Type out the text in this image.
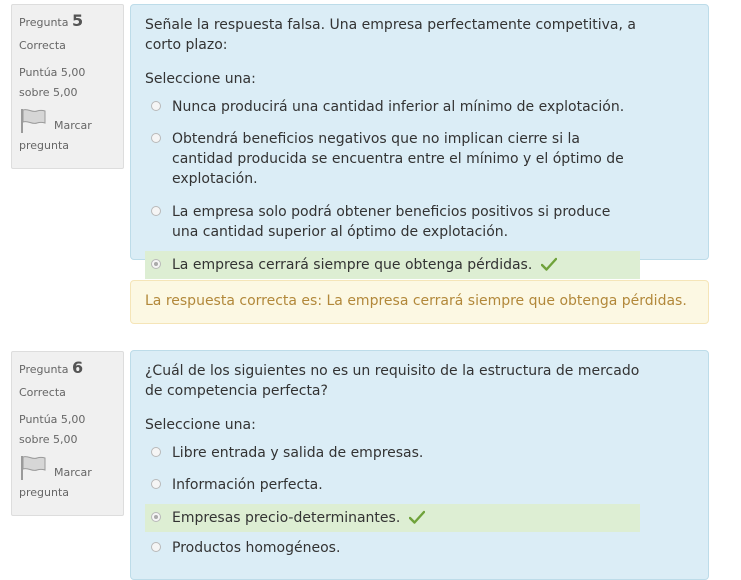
Pregunta 5
Correcta
Puntúa 5,00 sobre 5,00
Marcar
pregunta
Señale la respuesta falsa. Una empresa perfectamente competitiva, a corto plazo:
Seleccione una:
Nunca producirá una cantidad inferior al mínimo de explotación.
Obtendrá beneficios negativos que no implican cierre si la cantidad producida se encuentra entre el mínimo y el óptimo de explotación.
La empresa solo podrá obtener beneficios positivos si produce una cantidad superior al óptimo de explotación.
La empresa cerrará siempre que obtenga pérdidas.
La respuesta correcta es: La empresa cerrará siempre que obtenga pérdidas.
Pregunta 6
Correcta
Puntúa 5,00 sobre 5,00
Marcar
pregunta
¿Cuál de los siguientes no es un requisito de la estructura de mercado de competencia perfecta?
Seleccione una:
Libre entrada y salida de empresas.
Información perfecta.
Empresas precio-determinantes.
Productos homogéneos.
